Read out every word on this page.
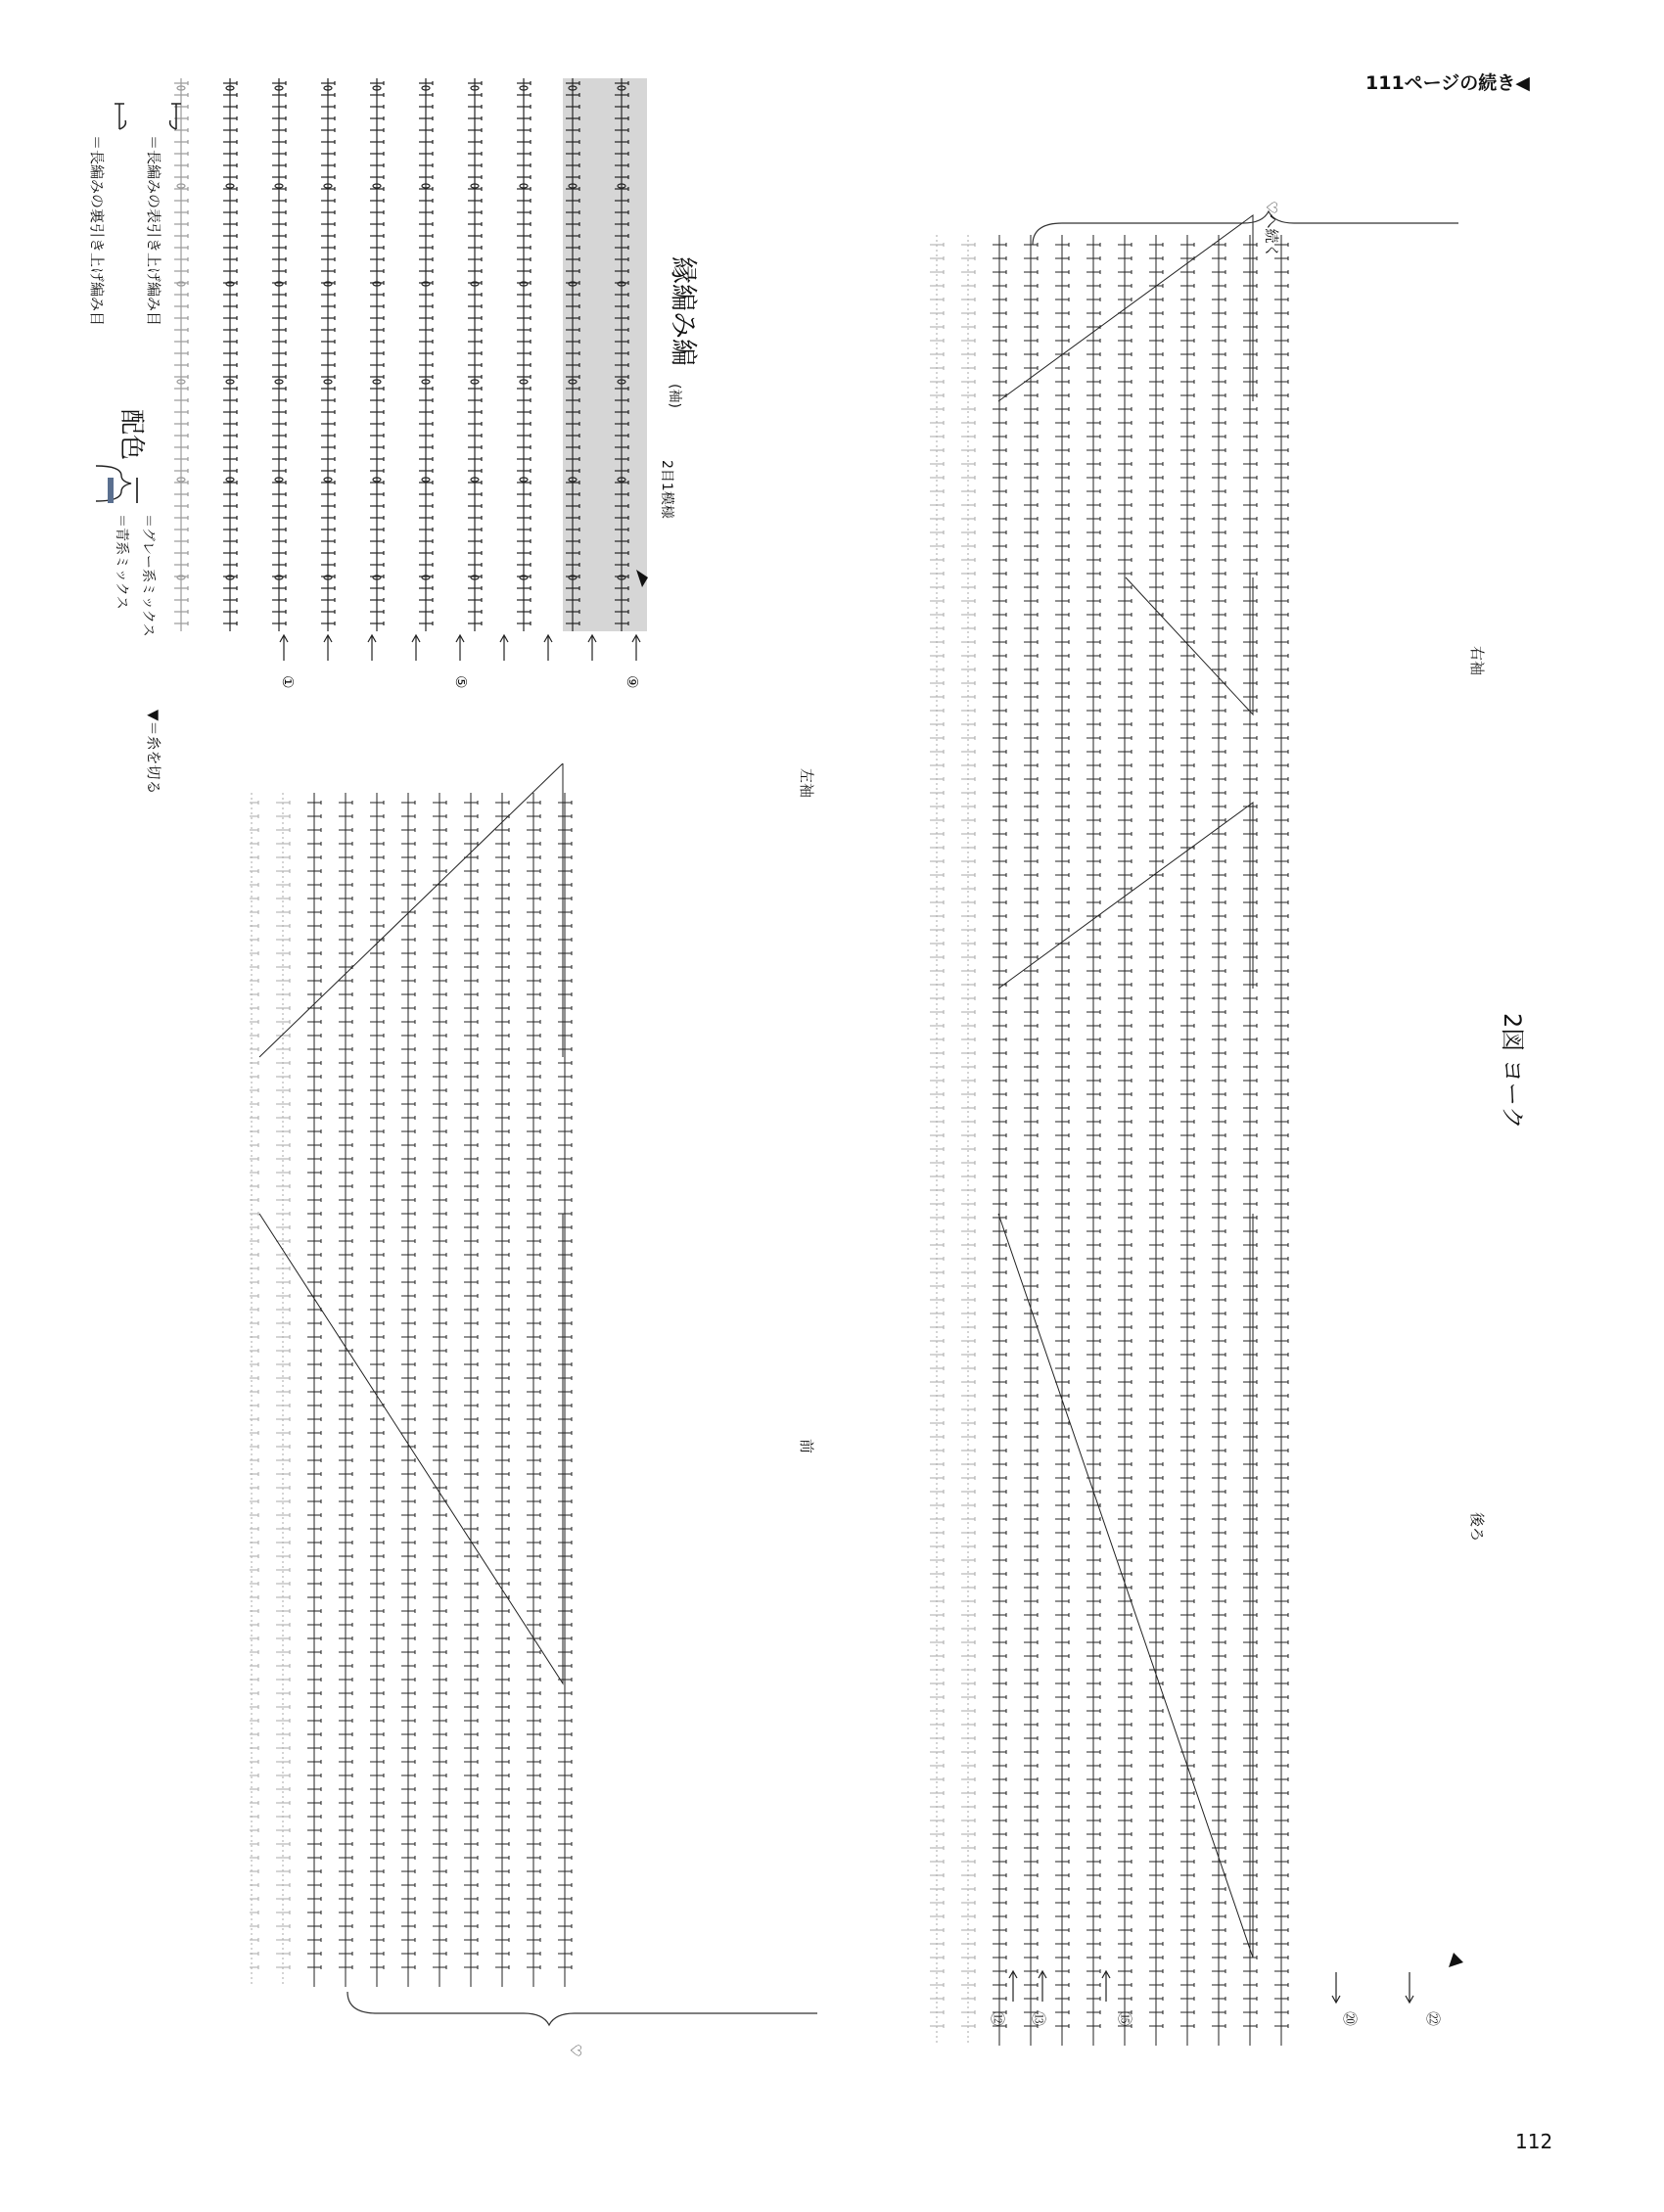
111ページの続き◀
112
縁編み編
(袖)
2目1模様
＝長編みの表引き上げ編み目
＝長編みの裏引き上げ編み目
▼＝糸を切る
配色
＝グレー系ミックス
＝青系ミックス
①	⑤	⑨
左袖
前
♡
♡へ続く
右袖
後ろ
2図 ヨーク
⑫ ⑬	⑮	⑳	㉒
